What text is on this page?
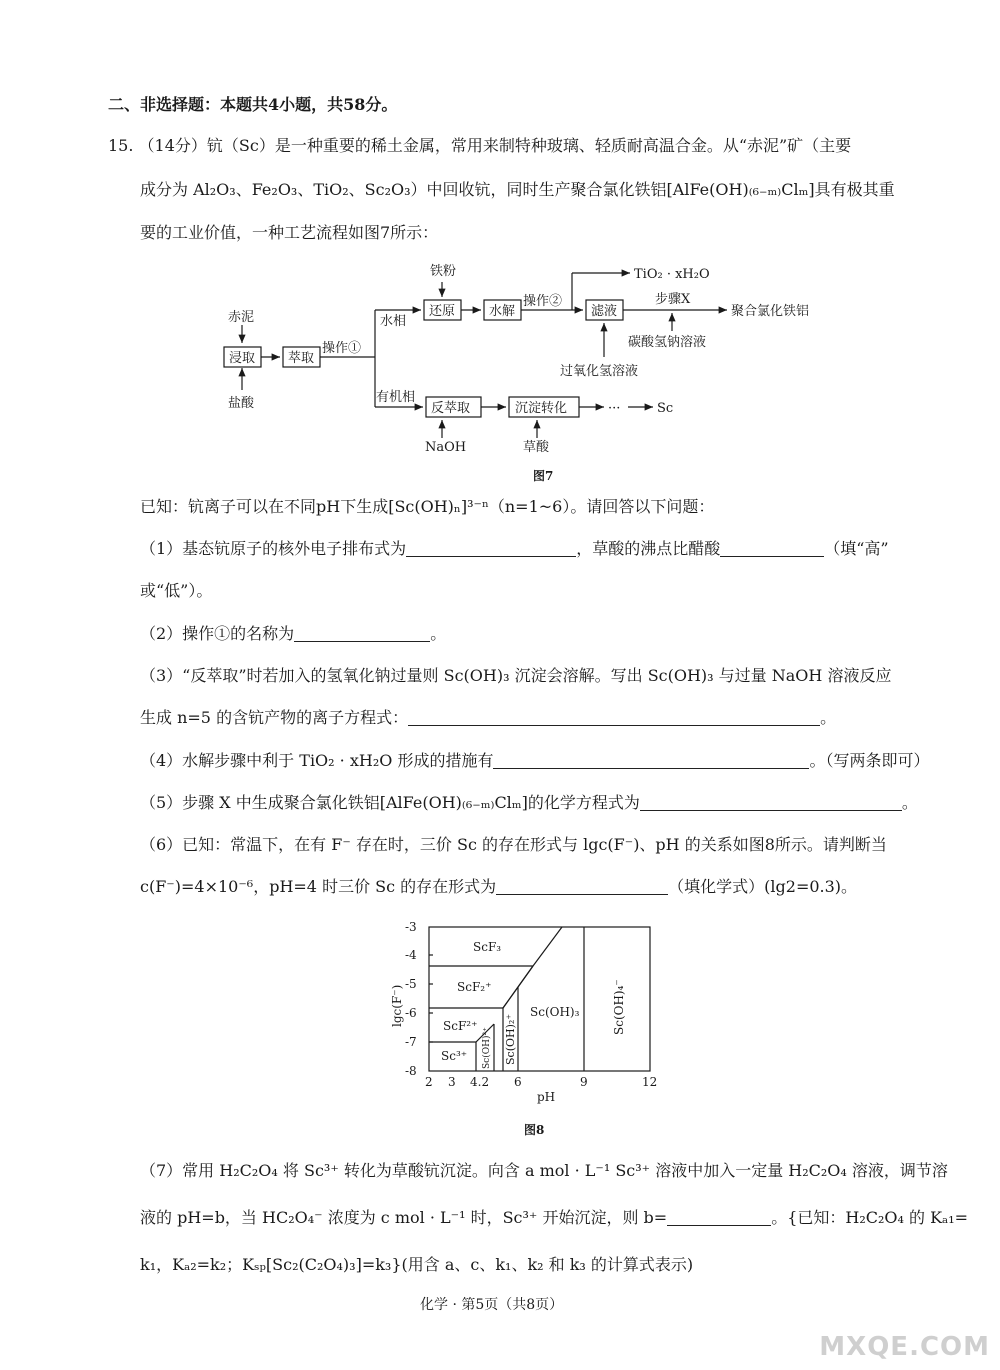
二、非选择题：本题共4小题，共58分。
15. （14分）钪（Sc）是一种重要的稀土金属，常用来制特种玻璃、轻质耐高温合金。从“赤泥”矿（主要
成分为 Al₂O₃、Fe₂O₃、TiO₂、Sc₂O₃）中回收钪，同时生产聚合氯化铁铝[AlFe(OH)₍₆₋ₘ₎Clₘ]具有极其重
要的工业价值，一种工艺流程如图7所示：
赤泥
浸取
盐酸
萃取
操作①
水相
有机相
铁粉
还原	水解
操作②
滤液
TiO₂ · xH₂O
步骤X
聚合氯化铁铝
碳酸氢钠溶液
过氧化氢溶液
反萃取
NaOH
沉淀转化
草酸
···	Sc
图7
已知：钪离子可以在不同pH下生成[Sc(OH)ₙ]³⁻ⁿ（n=1~6）。请回答以下问题：
（1）基态钪原子的核外电子排布式为	，草酸的沸点比醋酸	（填“高”
或“低”）。
（2）操作①的名称为	。
（3）“反萃取”时若加入的氢氧化钠过量则 Sc(OH)₃ 沉淀会溶解。写出 Sc(OH)₃ 与过量 NaOH 溶液反应
生成 n=5 的含钪产物的离子方程式：	。
（4）水解步骤中利于 TiO₂ · xH₂O 形成的措施有	。（写两条即可）
（5）步骤 X 中生成聚合氯化铁铝[AlFe(OH)₍₆₋ₘ₎Clₘ]的化学方程式为	。
（6）已知：常温下，在有 F⁻ 存在时，三价 Sc 的存在形式与 lgc(F⁻)、pH 的关系如图8所示。请判断当
c(F⁻)=4×10⁻⁶，pH=4 时三价 Sc 的存在形式为	（填化学式）(lg2=0.3)。
-3
-4
-5
-6
-7
-8
2 3 4.2 6	9	12
pH
lgc(F⁻)
ScF₃
ScF₂⁺
ScF²⁺
Sc³⁺ Sc(OH)²⁺ Sc(OH)₂⁺
Sc(OH)₃	Sc(OH)₄⁻
图8
（7）常用 H₂C₂O₄ 将 Sc³⁺ 转化为草酸钪沉淀。向含 a mol · L⁻¹ Sc³⁺ 溶液中加入一定量 H₂C₂O₄ 溶液，调节溶
液的 pH=b，当 HC₂O₄⁻ 浓度为 c mol · L⁻¹ 时，Sc³⁺ 开始沉淀，则 b=	。{已知：H₂C₂O₄ 的 Kₐ₁=
k₁，Kₐ₂=k₂；Kₛₚ[Sc₂(C₂O₄)₃]=k₃}(用含 a、c、k₁、k₂ 和 k₃ 的计算式表示)
化学 · 第5页（共8页）
MXQE.COM
